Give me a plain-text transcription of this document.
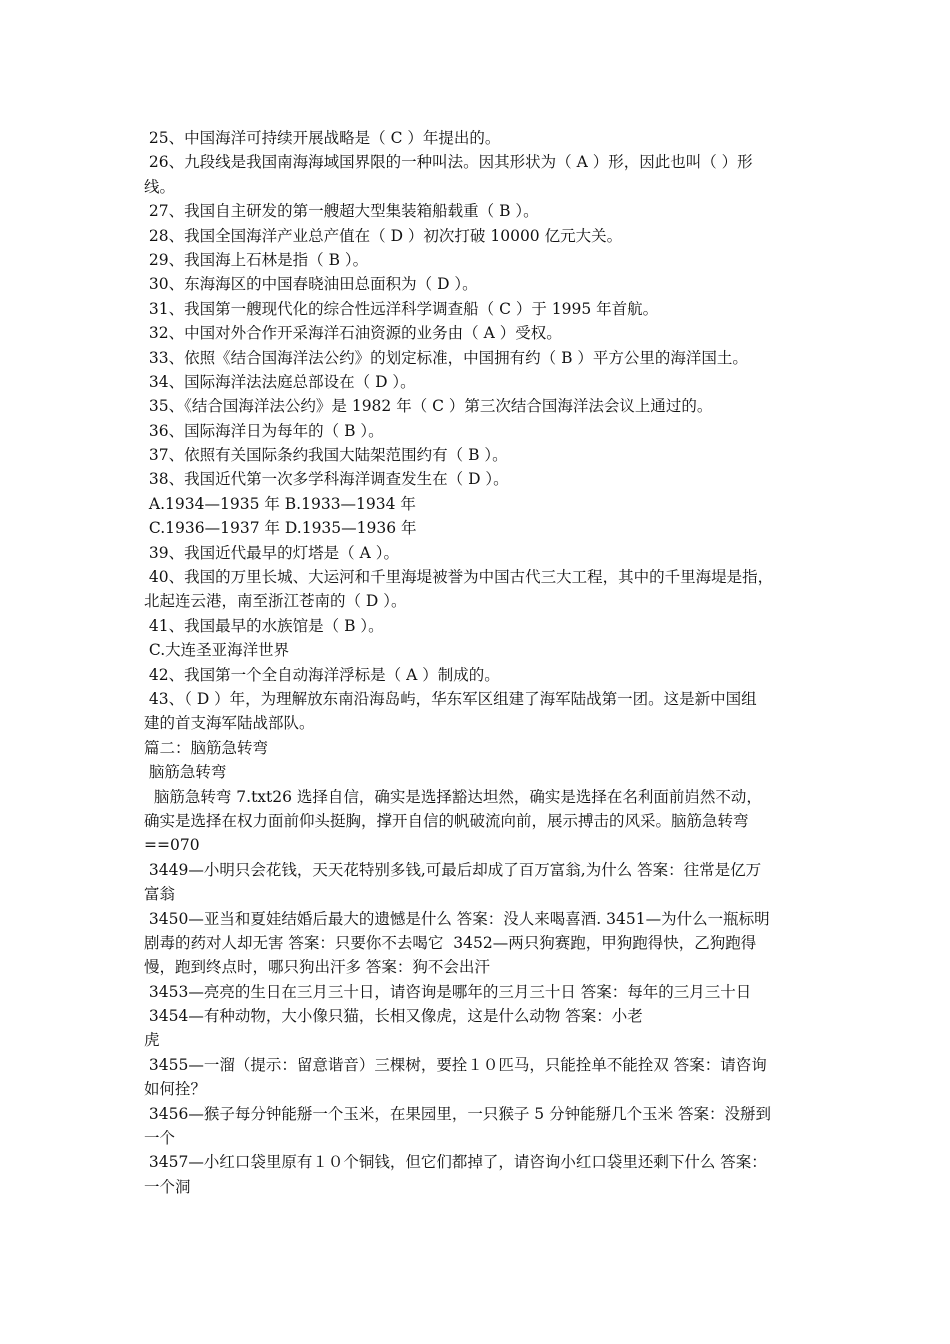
25、中国海洋可持续开展战略是（ C ）年提出的。
26、九段线是我国南海海域国界限的一种叫法。因其形状为（ A ）形，因此也叫（ ）形
线。
27、我国自主研发的第一艘超大型集装箱船载重（ B ）。
28、我国全国海洋产业总产值在（ D ）初次打破 10000 亿元大关。
29、我国海上石林是指（ B ）。
30、东海海区的中国春晓油田总面积为（ D ）。
31、我国第一艘现代化的综合性远洋科学调查船（ C ）于 1995 年首航。
32、中国对外合作开采海洋石油资源的业务由（ A ）受权。
33、依照《结合国海洋法公约》的划定标准，中国拥有约（ B ）平方公里的海洋国土。
34、国际海洋法法庭总部设在（ D ）。
35、《结合国海洋法公约》是 1982 年（ C ）第三次结合国海洋法会议上通过的。
36、国际海洋日为每年的（ B ）。
37、依照有关国际条约我国大陆架范围约有（ B ）。
38、我国近代第一次多学科海洋调查发生在（ D ）。
A.1934—1935 年 B.1933—1934 年
C.1936—1937 年 D.1935—1936 年
39、我国近代最早的灯塔是（ A ）。
40、我国的万里长城、大运河和千里海堤被誉为中国古代三大工程，其中的千里海堤是指，
北起连云港，南至浙江苍南的（ D ）。
41、我国最早的水族馆是（ B ）。
C.大连圣亚海洋世界
42、我国第一个全自动海洋浮标是（ A ）制成的。
43、（ D ）年，为理解放东南沿海岛屿，华东军区组建了海军陆战第一团。这是新中国组
建的首支海军陆战部队。
篇二：脑筋急转弯
脑筋急转弯
脑筋急转弯 7.txt26 选择自信，确实是选择豁达坦然，确实是选择在名利面前岿然不动，
确实是选择在权力面前仰头挺胸，撑开自信的帆破流向前，展示搏击的风采。脑筋急转弯
==070
3449—小明只会花钱，天天花特别多钱,可最后却成了百万富翁,为什么 答案：往常是亿万
富翁
3450—亚当和夏娃结婚后最大的遗憾是什么 答案：没人来喝喜酒. 3451—为什么一瓶标明
剧毒的药对人却无害 答案：只要你不去喝它  3452—两只狗赛跑，甲狗跑得快，乙狗跑得
慢，跑到终点时，哪只狗出汗多 答案：狗不会出汗
3453—亮亮的生日在三月三十日，请咨询是哪年的三月三十日 答案：每年的三月三十日
3454—有种动物，大小像只猫，长相又像虎，这是什么动物 答案：小老
虎
3455—一溜（提示：留意谐音）三棵树，要拴１０匹马，只能拴单不能拴双 答案：请咨询
如何拴？
3456—猴子每分钟能掰一个玉米，在果园里，一只猴子 5 分钟能掰几个玉米 答案：没掰到
一个
3457—小红口袋里原有１０个铜钱，但它们都掉了，请咨询小红口袋里还剩下什么 答案：
一个洞
